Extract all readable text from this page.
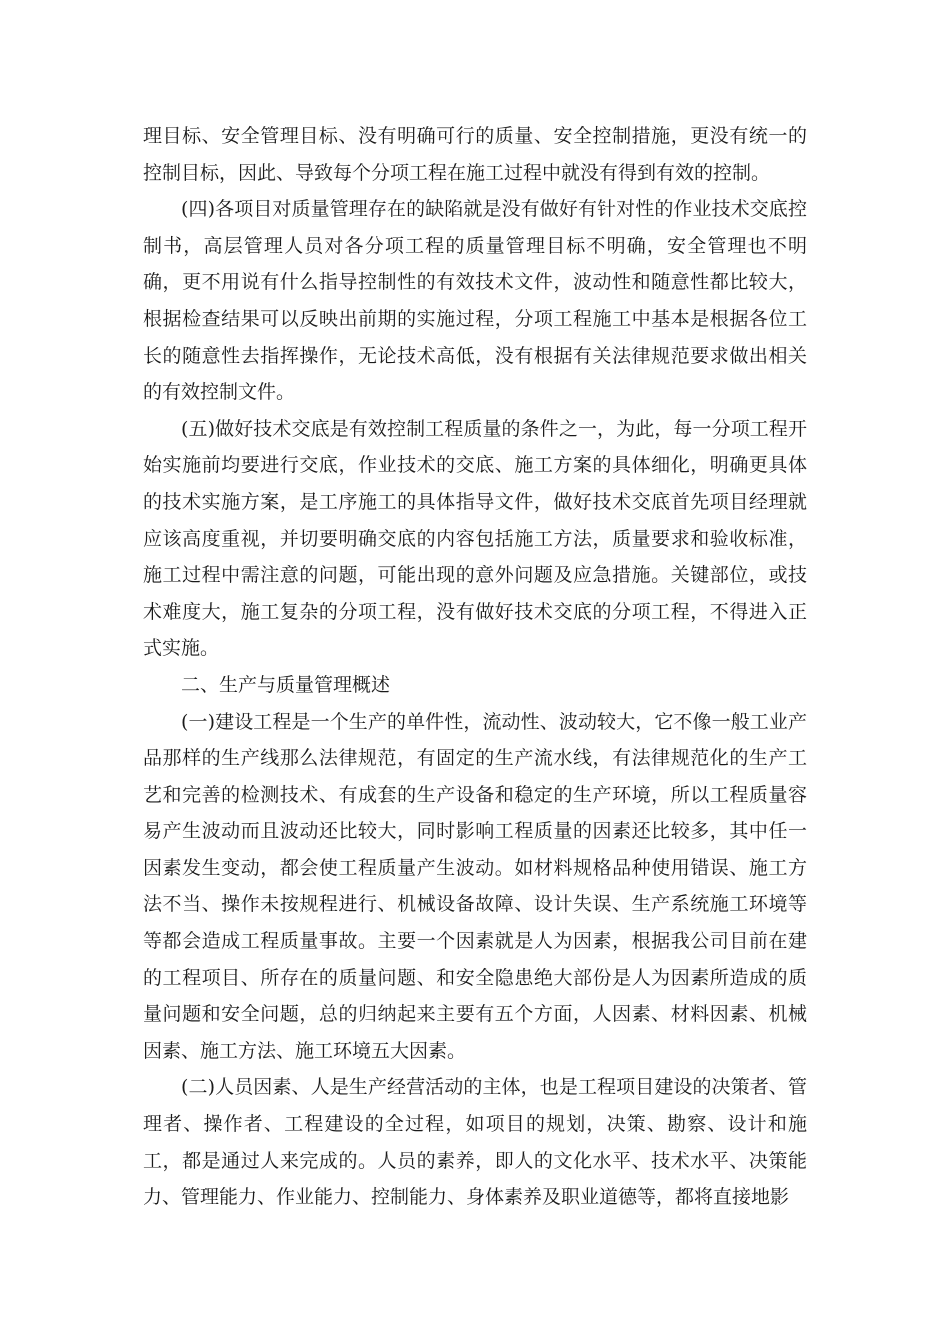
理目标、安全管理目标、没有明确可行的质量、安全控制措施，更没有统一的控制目标，因此、导致每个分项工程在施工过程中就没有得到有效的控制。

(四)各项目对质量管理存在的缺陷就是没有做好有针对性的作业技术交底控制书，高层管理人员对各分项工程的质量管理目标不明确，安全管理也不明确，更不用说有什么指导控制性的有效技术文件，波动性和随意性都比较大，根据检查结果可以反映出前期的实施过程，分项工程施工中基本是根据各位工长的随意性去指挥操作，无论技术高低，没有根据有关法律规范要求做出相关的有效控制文件。

(五)做好技术交底是有效控制工程质量的条件之一，为此，每一分项工程开始实施前均要进行交底，作业技术的交底、施工方案的具体细化，明确更具体的技术实施方案，是工序施工的具体指导文件，做好技术交底首先项目经理就应该高度重视，并切要明确交底的内容包括施工方法，质量要求和验收标准，施工过程中需注意的问题，可能出现的意外问题及应急措施。关键部位，或技术难度大，施工复杂的分项工程，没有做好技术交底的分项工程，不得进入正式实施。

二、生产与质量管理概述

(一)建设工程是一个生产的单件性，流动性、波动较大，它不像一般工业产品那样的生产线那么法律规范，有固定的生产流水线，有法律规范化的生产工艺和完善的检测技术、有成套的生产设备和稳定的生产环境，所以工程质量容易产生波动而且波动还比较大，同时影响工程质量的因素还比较多，其中任一因素发生变动，都会使工程质量产生波动。如材料规格品种使用错误、施工方法不当、操作未按规程进行、机械设备故障、设计失误、生产系统施工环境等等都会造成工程质量事故。主要一个因素就是人为因素，根据我公司目前在建的工程项目、所存在的质量问题、和安全隐患绝大部份是人为因素所造成的质量问题和安全问题，总的归纳起来主要有五个方面，人因素、材料因素、机械因素、施工方法、施工环境五大因素。

(二)人员因素、人是生产经营活动的主体，也是工程项目建设的决策者、管理者、操作者、工程建设的全过程，如项目的规划，决策、勘察、设计和施工，都是通过人来完成的。人员的素养，即人的文化水平、技术水平、决策能力、管理能力、作业能力、控制能力、身体素养及职业道德等，都将直接地影
